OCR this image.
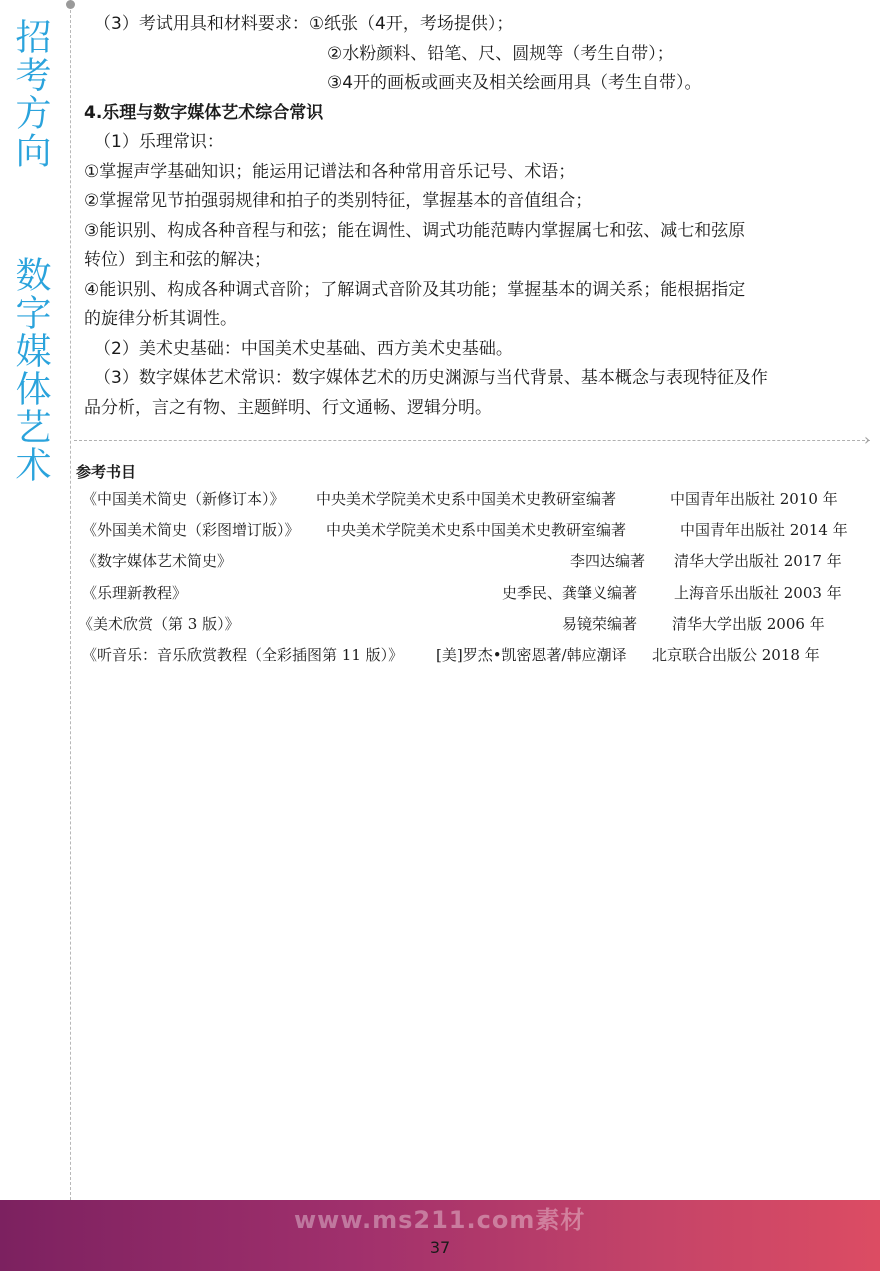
招考方向
数字媒体艺术

（3）考试用具和材料要求：①纸张（4开，考场提供）；

②水粉颜料、铅笔、尺、圆规等（考生自带）；

③4开的画板或画夹及相关绘画用具（考生自带）。

4.乐理与数字媒体艺术综合常识

（1）乐理常识：

①掌握声学基础知识；能运用记谱法和各种常用音乐记号、术语；

②掌握常见节拍强弱规律和拍子的类别特征，掌握基本的音值组合；

③能识别、构成各种音程与和弦；能在调性、调式功能范畴内掌握属七和弦、减七和弦原

转位）到主和弦的解决；

④能识别、构成各种调式音阶；了解调式音阶及其功能；掌握基本的调关系；能根据指定

的旋律分析其调性。

（2）美术史基础：中国美术史基础、西方美术史基础。

（3）数字媒体艺术常识：数字媒体艺术的历史渊源与当代背景、基本概念与表现特征及作

品分析，言之有物、主题鲜明、行文通畅、逻辑分明。

›
参考书目
《中国美术简史（新修订本）》 中央美术学院美术史系中国美术史教研室编著	中国青年出版社 2010 年
《外国美术简史（彩图增订版）》 中央美术学院美术史系中国美术史教研室编著	中国青年出版社 2014 年
《数字媒体艺术简史》	李四达编著 清华大学出版社 2017 年
《乐理新教程》	史季民、龚肇义编著 上海音乐出版社 2003 年
《美术欣赏（第 3 版）》	易镜荣编著 清华大学出版 2006 年
《听音乐：音乐欣赏教程（全彩插图第 11 版）》 [美]罗杰•凯密恩著/韩应潮译 北京联合出版公 2018 年
www.ms211.com素材
37
